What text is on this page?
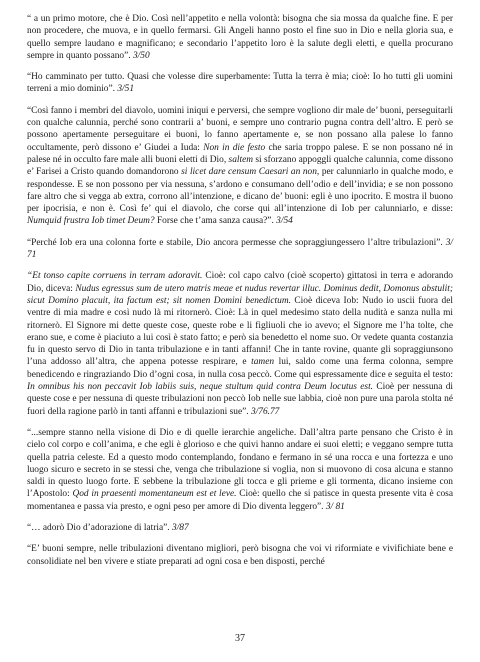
“ a un primo motore, che è Dio. Così nell’appetito e nella volontà: bisogna che sia mossa da qualche fine. E per non procedere, che muova, e in quello fermarsi. Gli Angeli hanno posto el fine suo in Dio e nella gloria sua, e quello sempre laudano e magnificano; e secondario l’appetito loro è la salute degli eletti, e quella procurano sempre in quanto possano”. 3/50

“Ho camminato per tutto. Quasi che volesse dire superbamente: Tutta la terra è mia; cioè: Io ho tutti gli uomini terreni a mio dominio”. 3/51

“Così fanno i membri del diavolo, uomini iniqui e perversi, che sempre vogliono dir male de’ buoni, perseguitarli con qualche calunnia, perché sono contrarii a’ buoni, e sempre uno contrario pugna contra dell’altro. E però se possono apertamente perseguitare ei buoni, lo fanno apertamente e, se non possano alla palese lo fanno occultamente, però dissono e’ Giudei a Iuda: Non in die festo che saria troppo palese. E se non possano né in palese né in occulto fare male alli buoni eletti di Dio, saltem si sforzano appoggli qualche calunnia, come dissono e’ Farisei a Cristo quando domandorono si licet dare censum Caesari an non, per calunniarlo in qualche modo, e respondesse. E se non possono per via nessuna, s’ardono e consumano dell’odio e dell’invidia; e se non possono fare altro che si vegga ab extra, corrono all’intenzione, e dicano de’ buoni: egli è uno ipocrito. E mostra il buono per ipocrisia, e non è. Così fe’ qui el diavolo, che corse qui all’intenzione di Iob per calunniarlo, e disse: Numquid frustra Iob timet Deum? Forse che t’ama sanza causa?”. 3/54

“Perché Iob era una colonna forte e stabile, Dio ancora permesse che sopraggiungessero l’altre tribulazioni”. 3/ 71

“Et tonso capite corruens in terram adoravit. Cioè: col capo calvo (cioè scoperto) gittatosi in terra e adorando Dio, diceva: Nudus egressus sum de utero matris meae et nudus revertar illuc. Dominus dedit, Domonus abstulit; sicut Domino placuit, ita factum est; sit nomen Domini benedictum. Cioè diceva Iob: Nudo io uscii fuora del ventre di mia madre e così nudo là mi ritornerò. Cioè: Là in quel medesimo stato della nudità e sanza nulla mi ritornerò. El Signore mi dette queste cose, queste robe e li figliuoli che io avevo; el Signore me l’ha tolte, che erano sue, e come è piaciuto a lui così è stato fatto; e però sia benedetto el nome suo. Or vedete quanta costanzia fu in questo servo di Dio in tanta tribulazione e in tanti affanni! Che in tante rovine, quante gli sopraggiunsono l’una addosso all’altra, che appena potesse respirare, e tamen lui, saldo come una ferma colonna, sempre benedicendo e ringraziando Dio d’ogni cosa, in nulla cosa peccò. Come qui espressamente dice e seguita el testo: In omnibus his non peccavit Iob labiis suis, neque stultum quid contra Deum locutus est. Cioè per nessuna di queste cose e per nessuna di queste tribulazioni non peccò Iob nelle sue labbia, cioè non pure una parola stolta né fuori della ragione parlò in tanti affanni e tribulazioni sue”. 3/76.77

“...sempre stanno nella visione di Dio e di quelle ierarchie angeliche. Dall’altra parte pensano che Cristo è in cielo col corpo e coll’anima, e che egli è glorioso e che quivi hanno andare ei suoi eletti; e veggano sempre tutta quella patria celeste. Ed a questo modo contemplando, fondano e fermano in sé una rocca e una fortezza e uno luogo sicuro e secreto in se stessi che, venga che tribulazione si voglia, non si muovono di cosa alcuna e stanno saldi in questo luogo forte. E sebbene la tribulazione gli tocca e gli prieme e gli tormenta, dicano insieme con l’Apostolo: Qod in praesenti momentaneum est et leve. Cioè: quello che si patisce in questa presente vita è cosa momentanea e passa via presto, e ogni peso per amore di Dio diventa leggero”. 3/ 81

“… adorò Dio d’adorazione di latria”. 3/87

“E’ buoni sempre, nelle tribulazioni diventano migliori, però bisogna che voi vi riformiate e vivifichiate bene e consolidiate nel ben vivere e stiate preparati ad ogni cosa e ben disposti, perché

37
